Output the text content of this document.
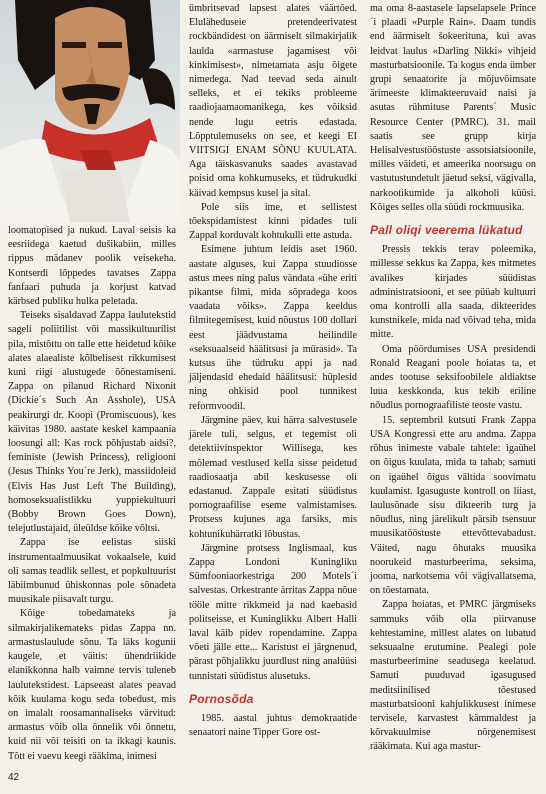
loomatopised ja nukud. Laval seisis ka eesriidega kaetud dušikabiin, milles rippus mädanev poolik veisekeha. Kontserdi lõppedes tavatses Zappa fanfaari puhuda ja korjust katvad kärbsed publiku hulka peletada.

Teiseks sisaldavad Zappa laulutekstid sageli poliitilist või massikultuurilist pila, mistõttu on talle ette heidetud kõike alates alaealiste kõlbelisest rikkumisest kuni riigi alustugede õõnestamiseni. Zappa on pilanud Richard Nixonit (Dickie´s Such An Asshole), USA peakirurgi dr. Koopi (Promiscuous), kes käivitas 1980. aastate keskel kampaania loosungi all: Kas rock põhjustab aidsi?, feministe (Jewish Princess), religiooni (Jesus Thinks You´re Jerk), massiidoleid (Elvis Has Just Left The Building), homoseksualistlikku yuppiekultuuri (Bobby Brown Goes Down), telejutlustajaid, üleüldse kõike võltsi.

Zappa ise eelistas siiski instrumentaalmuusikat vokaalsele, kuid oli samas teadlik sellest, et popkultuurist läbiimbunud ühiskonnas pole sõnadeta muusikale piisavalt turgu.

Kõige tobedamateks ja silmakirjalikemateks pidas Zappa nn. armastuslaulude sõnu. Ta läks kogunii kaugele, et väitis: ühendriikide elanikkonna halb vaimne tervis tuleneb laulutekstidest. Lapseeast alates peavad kõik kuulama kogu seda tobedust, mis on imalalt roosamannaliseks värvitud: armastus võib olla õnnelik või õnnetu, kuid nii või teisiti on ta ikkagi kaunis. Tõtt ei vaevu keegi rääkima, inimesi

ümbritsevad lapsest alates väärtõed. Eluläheduseie pretendeerivatest rockbändidest on äärmiselt silmakirjalik laulda «armastuse jagamisest või kinkimisest», nimetamata asju õigete nimedega. Nad teevad seda ainult selleks, et ei tekiks probleeme raadiojaamaomanikega, kes võiksid nende lugu eetris edastada. Lõpptulemuseks on see, et keegi EI VIITSIGI ENAM SÕNU KUULATA. Aga täiskasvanuks saades avastavad poisid oma kohkumuseks, et tüdrukudki käivad kempsus kusel ja sital.

Pole siis ime, et sellistest tõekspidamistest kinni pidades tuli Zappal korduvalt kohtukulli ette astuda.

Esimene juhtum leidis aset 1960. aastate alguses, kui Zappa stuudiosse astus mees ning palus vändata «ühe eriti pikantse filmi, mida sõpradega koos vaadata võiks». Zappa keeldus filmitegemisest, kuid nõustus 100 dollari eest jäädvustama heilindile «seksuaalseid häälitsusi ja mürasid». Ta kutsus ühe tüdruku appi ja nad jäljendasid ehedaid häälitsusi: hüplesid ning ohkisid pool tunnikest reformvoodil.

Järgmine päev, kui härra salvestusele järele tuli, selgus, et tegemist oli detektiivinspektor Willisega, kes mõlemad vestlused kella sisse peidetud raadiosaatja abil keskusesse oli edastanud. Zappale esitati süüdistus pornograafilise eseme valmistamises. Protsess kujunes aga farsiks, mis kohtunikuhärratki lõbustas.

Järgmine protsess Inglismaal, kus Zappa Londoni Kuningliku Sümfooniaorkestriga 200 Motels´i salvestas. Orkestrante ärritas Zappa nõue tööle mitte rikkmeid ja nad kaebasid politseisse, et Kuninglikku Albert Halli laval käib pidev ropendamine. Zappa võeti jälle ette... Karistust ei järgnenud, pärast põhjalikku juurdlust ning analüüsi tunnistati süüdistus alusetuks.

Pornosõda

1985. aastal juhtus demokraatide senaatori naine Tipper Gore ost-

ma oma 8-aastasele lapselapsele Prince´i plaadi «Purple Rain». Daam tundis end äärmiselt šokeerituna, kui avas leidvat laulus «Darling Nikki» vihjeid masturbatsioonile. Ta kogus enda ümber grupi senaatorite ja mõjuvõimsate ärimeeste klimakteeruvaid naisi ja asutas rühmituse Parents´ Music Resource Center (PMRC). 31. mail saatis see grupp kirja Helisalvestustööstuste assotsiatsioonile, milles väideti, et ameerika noorsugu on vastutustundetult jäetud seksi, vägivalla, narkootikumide ja alkoholi küüsi. Kõiges selles olla süüdi rockmuusika.

Pall oliqi veerema lükatud

Pressis tekkis terav poleemika, millesse sekkus ka Zappa, kes mitmetes avalikes kirjades süüdistas administratsiooni, et see püüab kultuuri oma kontrolli alla saada, dikteerides kunstnikele, mida nad võivad teha, mida mitte.

Oma pöördumises USA presidendi Ronald Reagani poole hoiatas ta, et andes tootuse seksifoobilele aldiaktse luua keskkonda, kus tekib eriline nõudlus pornograafiliste teoste vastu.

15. septembril kutsuti Frank Zappa USA Kongressi ette aru andma. Zappa rõhus inimeste vabale tahtele: igaühel on õigus kuulata, mida ta tahab; samuti on igaühel õigus vältida soovimatu kuulamist. Igasuguste kontroll on liiast, laulusõnade sisu dikteerib turg ja nõudlus, ning järelikult pärsib tsensuur muusikatööstuste ettevõttevabadust. Väited, nagu õhutaks muusika noorukeid masturbeerima, seksima, jooma, narkotsema või vägivallatsema, on tõestamata.

Zappa hoiatas, et PMRC järgmiseks sammuks võib olla piirvanuse kehtestamine, millest alates on lubatud seksuaalne erutumine. Pealegi pole masturbeerimine seadusega keelatud. Samuti puuduvad igasugused meditsiinilised tõestused masturbatsiooni kahjulikkusest inimese tervisele, karvastest kämmaldest ja kõrvakuulmise nõrgenemisest rääkimata. Kui aga mastur-

42
